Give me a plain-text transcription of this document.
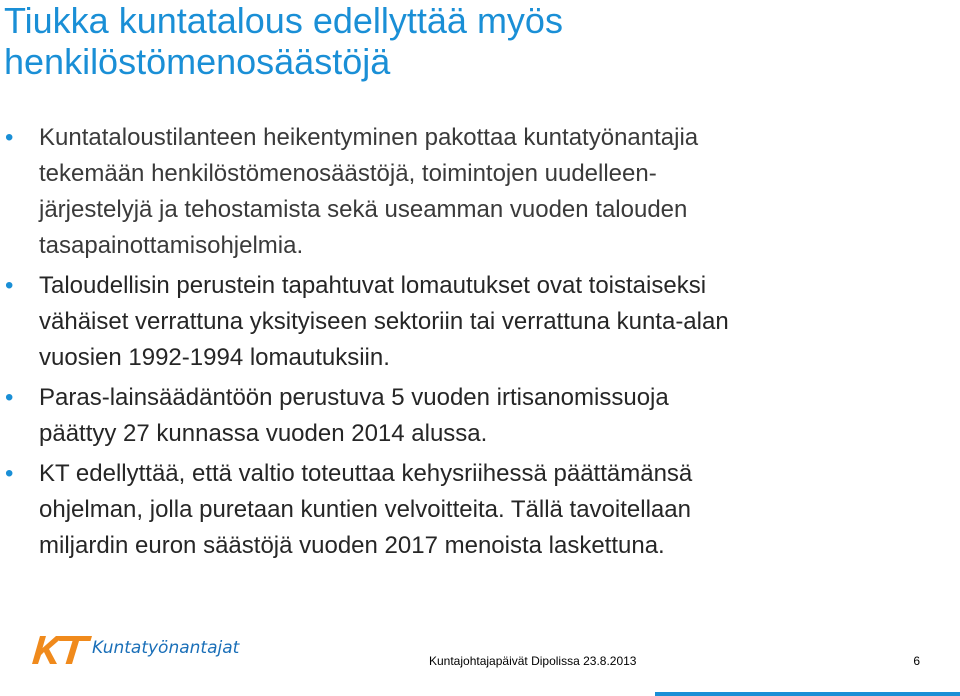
Tiukka kuntatalous edellyttää myös
henkilöstömenosäästöjä
• Kuntataloustilanteen heikentyminen pakottaa kuntatyönantajia
tekemään henkilöstömenosäästöjä, toimintojen uudelleen-
järjestelyjä ja tehostamista sekä useamman vuoden talouden
tasapainottamisohjelmia.
• Taloudellisin perustein tapahtuvat lomautukset ovat toistaiseksi
vähäiset verrattuna yksityiseen sektoriin tai verrattuna kunta-alan
vuosien 1992-1994 lomautuksiin.
• Paras-lainsäädäntöön perustuva 5 vuoden irtisanomissuoja
päättyy 27 kunnassa vuoden 2014 alussa.
• KT edellyttää, että valtio toteuttaa kehysriihessä päättämänsä
ohjelman, jolla puretaan kuntien velvoitteita. Tällä tavoitellaan
miljardin euron säästöjä vuoden 2017 menoista laskettuna.
Kuntatyönantajat
Kuntajohtajapäivät Dipolissa 23.8.2013	6
